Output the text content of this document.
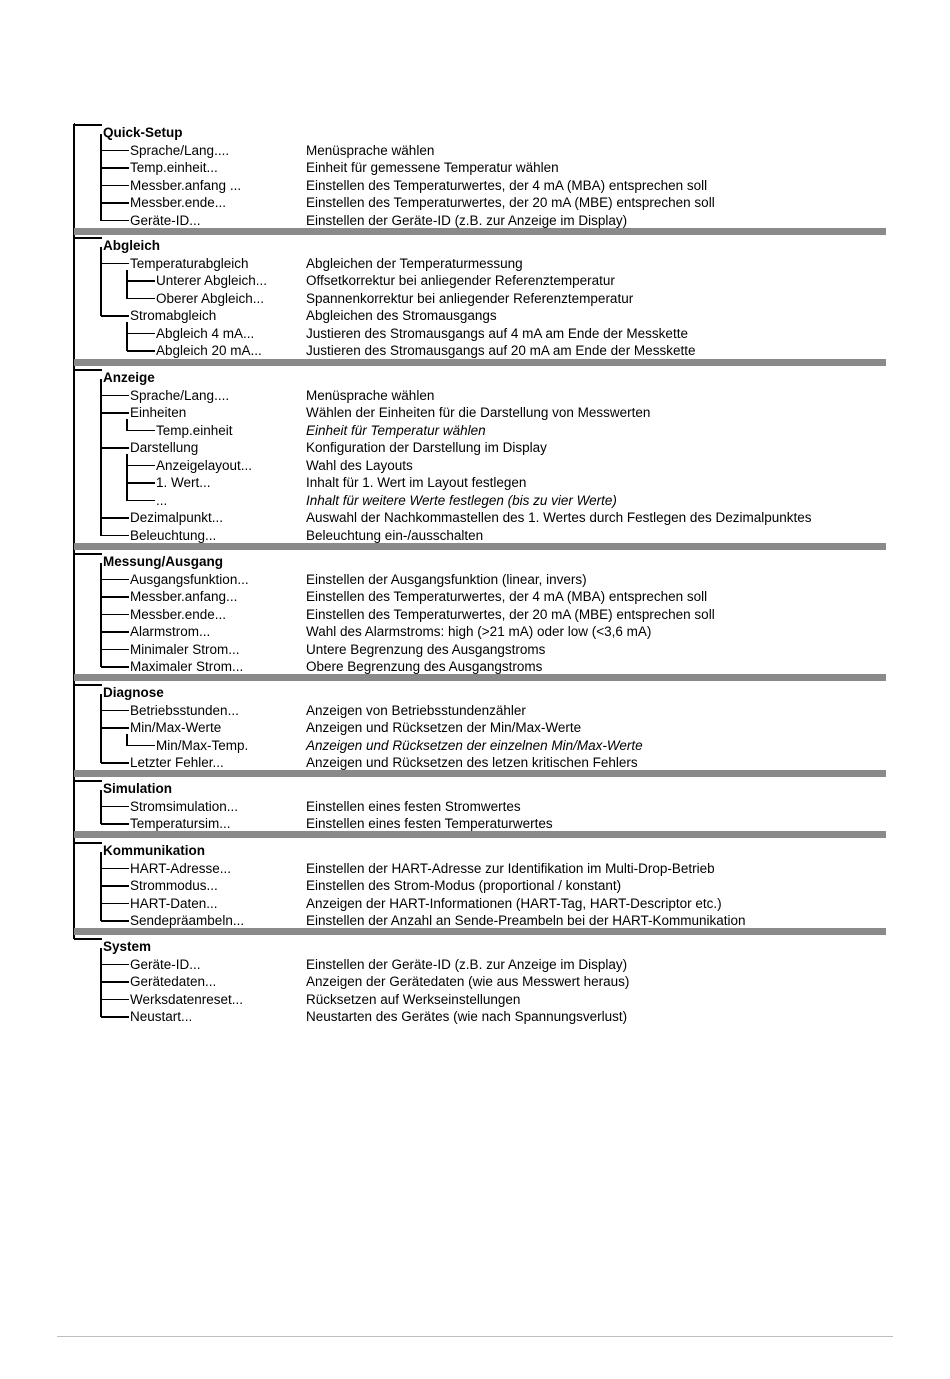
Quick-Setup
Sprache/Lang....	Menüsprache wählen
Temp.einheit...	Einheit für gemessene Temperatur wählen
Messber.anfang ...	Einstellen des Temperaturwertes, der 4 mA (MBA) entsprechen soll
Messber.ende...	Einstellen des Temperaturwertes, der 20 mA (MBE) entsprechen soll
Geräte-ID...	Einstellen der Geräte-ID (z.B. zur Anzeige im Display)
Abgleich
Temperaturabgleich	Abgleichen der Temperaturmessung
Unterer Abgleich...	Offsetkorrektur bei anliegender Referenztemperatur
Oberer Abgleich...	Spannenkorrektur bei anliegender Referenztemperatur
Stromabgleich	Abgleichen des Stromausgangs
Abgleich 4 mA...	Justieren des Stromausgangs auf 4 mA am Ende der Messkette
Abgleich 20 mA...	Justieren des Stromausgangs auf 20 mA am Ende der Messkette
Anzeige
Sprache/Lang....	Menüsprache wählen
Einheiten	Wählen der Einheiten für die Darstellung von Messwerten
Temp.einheit	Einheit für Temperatur wählen
Darstellung	Konfiguration der Darstellung im Display
Anzeigelayout...	Wahl des Layouts
1. Wert...	Inhalt für 1. Wert im Layout festlegen
...	Inhalt für weitere Werte festlegen (bis zu vier Werte)
Dezimalpunkt...	Auswahl der Nachkommastellen des 1. Wertes durch Festlegen des Dezimalpunktes
Beleuchtung...	Beleuchtung ein-/ausschalten
Messung/Ausgang
Ausgangsfunktion...	Einstellen der Ausgangsfunktion (linear, invers)
Messber.anfang...	Einstellen des Temperaturwertes, der 4 mA (MBA) entsprechen soll
Messber.ende...	Einstellen des Temperaturwertes, der 20 mA (MBE) entsprechen soll
Alarmstrom...	Wahl des Alarmstroms: high (>21 mA) oder low (<3,6 mA)
Minimaler Strom...	Untere Begrenzung des Ausgangstroms
Maximaler Strom...	Obere Begrenzung des Ausgangstroms
Diagnose
Betriebsstunden...	Anzeigen von Betriebsstundenzähler
Min/Max-Werte	Anzeigen und Rücksetzen der Min/Max-Werte
Min/Max-Temp.	Anzeigen und Rücksetzen der einzelnen Min/Max-Werte
Letzter Fehler...	Anzeigen und Rücksetzen des letzen kritischen Fehlers
Simulation
Stromsimulation...	Einstellen eines festen Stromwertes
Temperatursim...	Einstellen eines festen Temperaturwertes
Kommunikation
HART-Adresse...	Einstellen der HART-Adresse zur Identifikation im Multi-Drop-Betrieb
Strommodus...	Einstellen des Strom-Modus (proportional / konstant)
HART-Daten...	Anzeigen der HART-Informationen (HART-Tag, HART-Descriptor etc.)
Sendepräambeln...	Einstellen der Anzahl an Sende-Preambeln bei der HART-Kommunikation
System
Geräte-ID...	Einstellen der Geräte-ID (z.B. zur Anzeige im Display)
Gerätedaten...	Anzeigen der Gerätedaten (wie aus Messwert heraus)
Werksdatenreset...	Rücksetzen auf Werkseinstellungen
Neustart...	Neustarten des Gerätes (wie nach Spannungsverlust)
